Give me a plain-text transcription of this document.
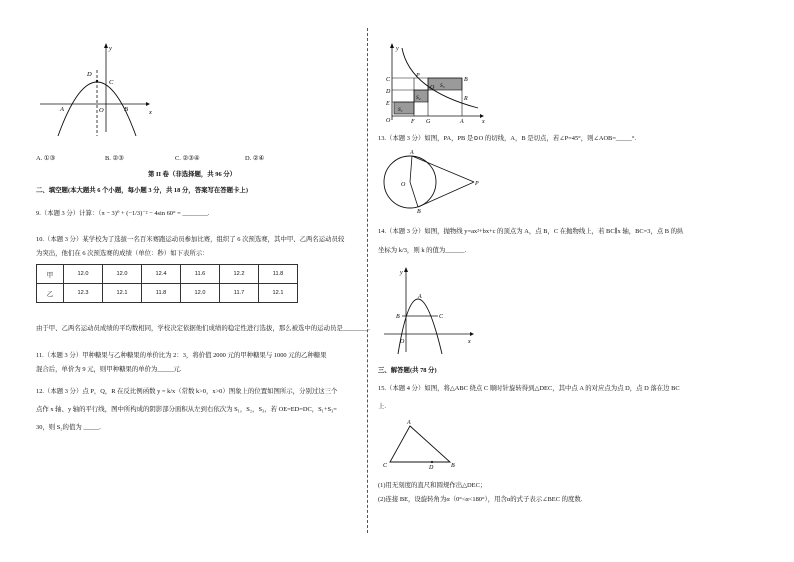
y
D
C
A	O	B	x
A. ①③	B. ②③	C. ②③④	D. ②④
第 II 卷（非选择题，共 96 分）
二、填空题(本大题共 6 个小题，每小题 3 分，共 18 分，答案写在答题卡上)
9.（本题 3 分）计算：（π − 3)⁰ + (−1/3)⁻² − 4sin 60° = ________.
10.（本题 3 分）某学校为了选拔一名百米赛跑运动员参加比赛，组织了 6 次预选赛，其中甲、乙两名运动员较
为突出，他们在 6 次预选赛的成绩（单位：秒）如下表所示：
甲	12.0	12.0	12.4	11.6	12.2	11.8
乙	12.3	12.1	11.8	12.0	11.7	12.1
由于甲、乙两名运动员成绩的平均数相同，学校决定依据他们成绩的稳定性进行选拔，那么被选中的运动员是________.
11.（本题 3 分）甲种糖果与乙种糖果的单价比为 2：3，将价值 2000 元的甲种糖果与 1000 元的乙种糖果
混合后，单价为 9 元，则甲种糖果的单价为_____元.
12.（本题 3 分）点 P，Q，R 在反比例函数 y = k/x（常数 k>0，x>0）图象上的位置如图所示，分别过这三个
点作 x 轴、y 轴的平行线，图中所构成的阴影部分面积从左到右依次为 S₁，S₂，S₃，若 OE=ED=DC，S₁+S₃=
30，则 S₂的值为 _____.
y
C
D
E
O	F G	A	x
P
Q
R
B
S₁
S₂
S₃
13.（本题 3 分）如图，PA，PB 是⊙O 的切线，A，B 是切点，若∠P=45°，则∠AOB=_____°.
A
O	P
B
14.（本题 3 分）如图，抛物线 y=ax²+bx+c 的顶点为 A，点 B，C 在抛物线上，若 BC∥x 轴，BC=3，点 B 的纵
坐标为 k/3，则 k 的值为______.
y
A
B	C
O	x
三、解答题(共 78 分)
15.（本题 4 分）如图，将△ABC 绕点 C 顺时针旋转得到△DEC，其中点 A 的对应点为点 D，点 D 落在边 BC
上.
A
C	D	B
(1)用无刻度的直尺和圆规作出△DEC；
(2)连接 BE，设旋转角为α（0°<α<180°），用含α的式子表示∠BEC 的度数.
